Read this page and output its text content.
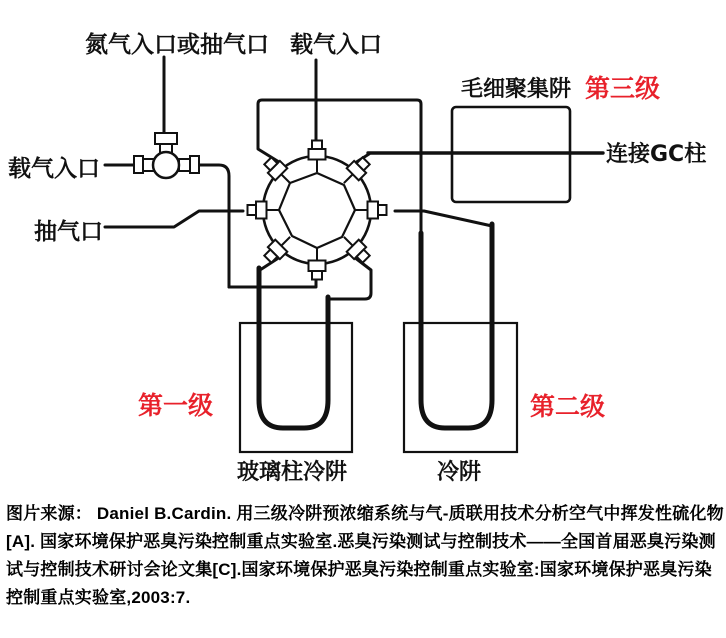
氮气入口或抽气口 载气入口
载气入口
抽气口
毛细聚集阱 第三级
连接GC柱
第一级	第二级
玻璃柱冷阱	冷阱
图片来源： Daniel B.Cardin. 用三级冷阱预浓缩系统与气-质联用技术分析空气中挥发性硫化物
[A]. 国家环境保护恶臭污染控制重点实验室.恶臭污染测试与控制技术——全国首届恶臭污染测
试与控制技术研讨会论文集[C].国家环境保护恶臭污染控制重点实验室:国家环境保护恶臭污染
控制重点实验室,2003:7.
